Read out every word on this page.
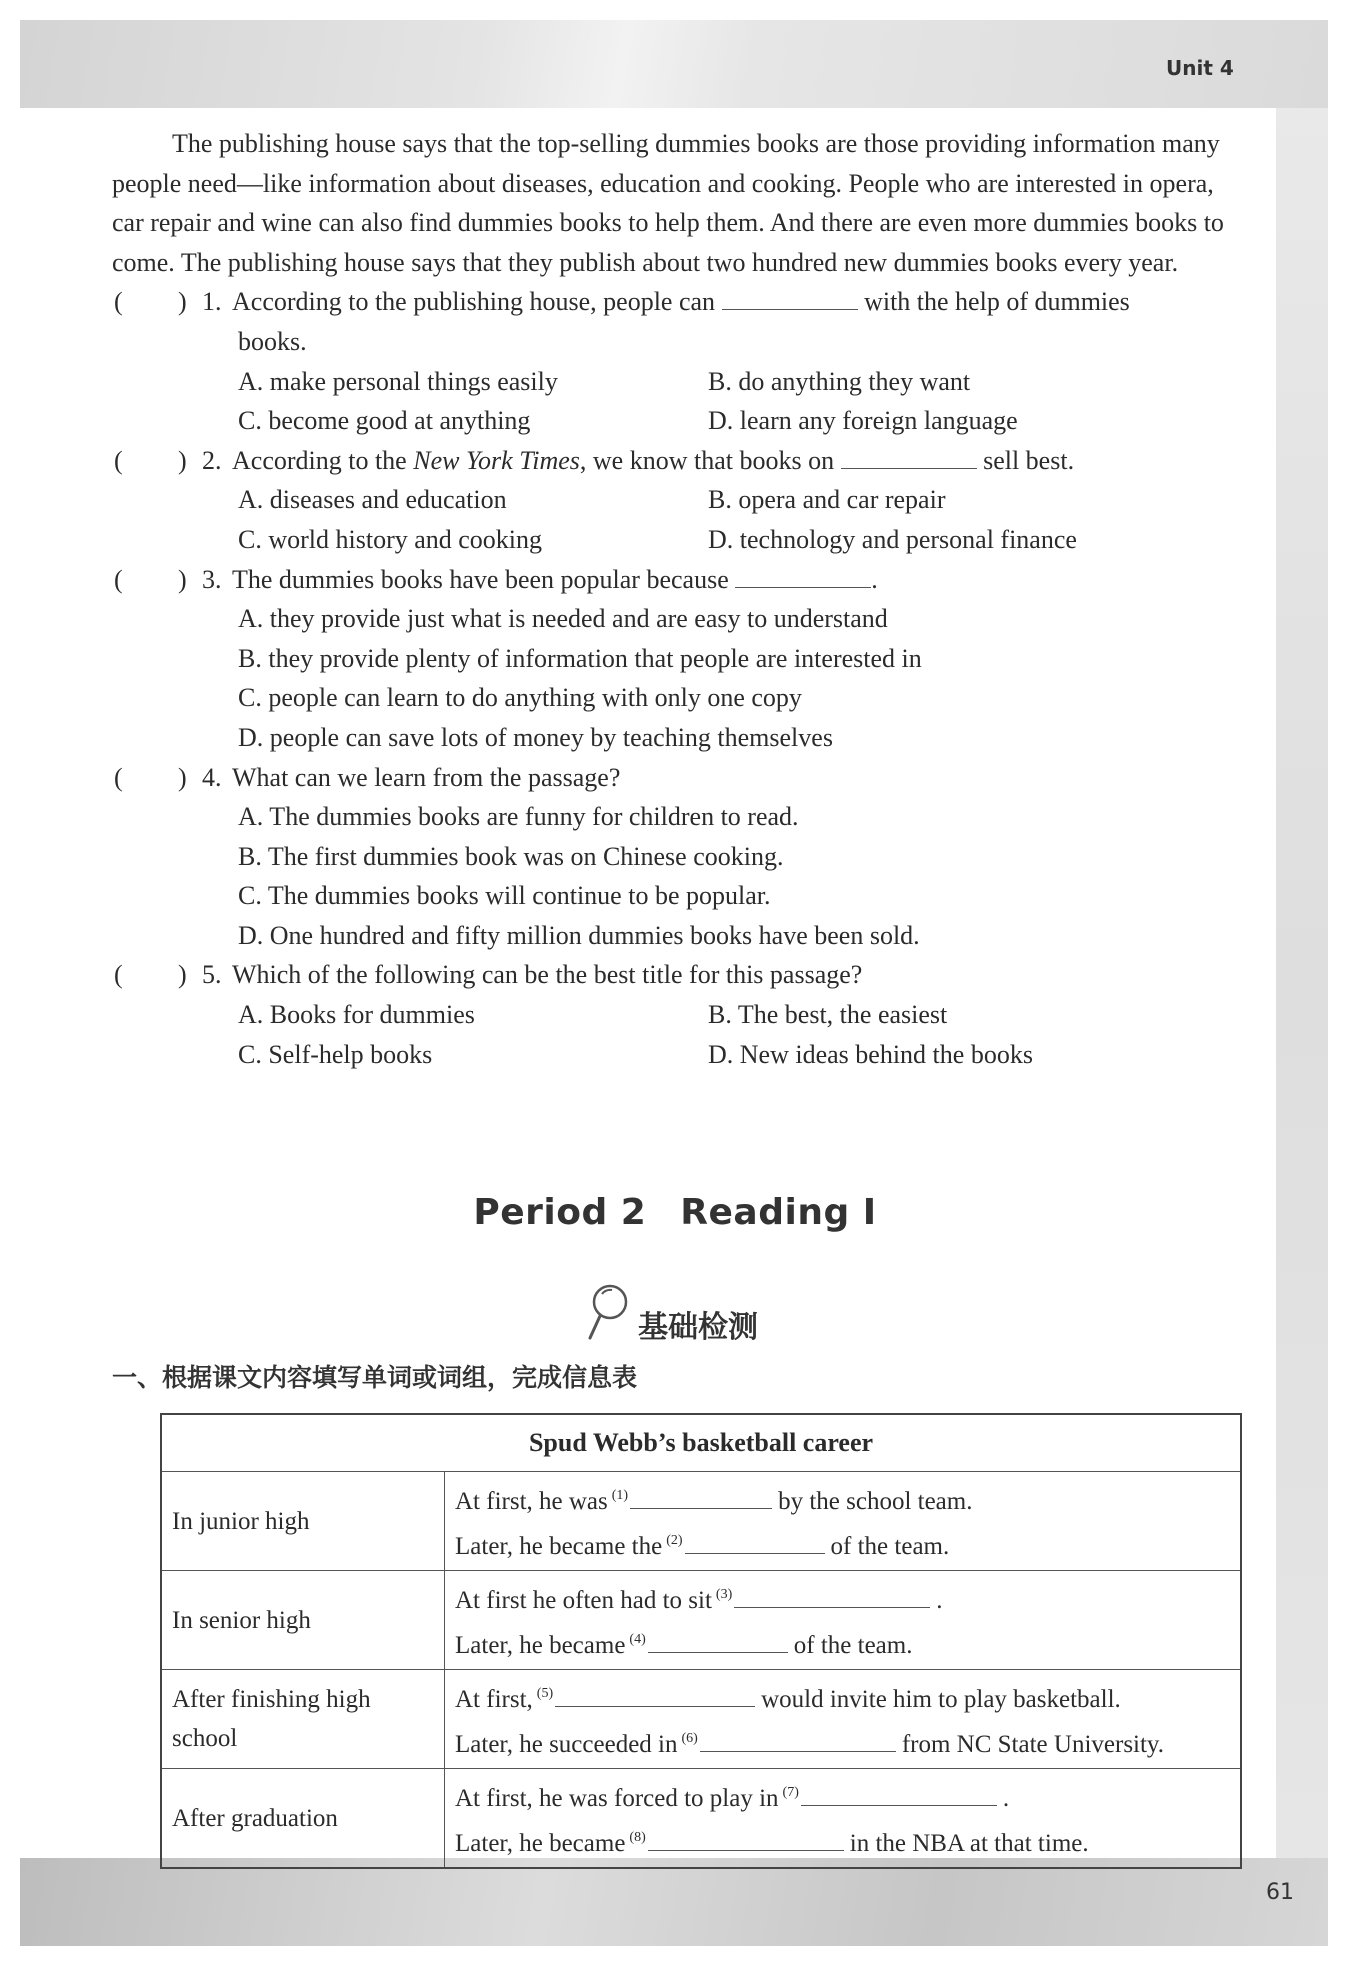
Unit 4

The publishing house says that the top-selling dummies books are those providing information many people need—like information about diseases, education and cooking. People who are interested in opera, car repair and wine can also find dummies books to help them. And there are even more dummies books to come. The publishing house says that they publish about two hundred new dummies books every year.

(	) 1. According to the publishing house, people can	with the help of dummies
books.
A. make personal things easily	B. do anything they want
C. become good at anything	D. learn any foreign language
(	) 2. According to the New York Times, we know that books on	sell best.
A. diseases and education	B. opera and car repair
C. world history and cooking	D. technology and personal finance
(	) 3. The dummies books have been popular because	.
A. they provide just what is needed and are easy to understand
B. they provide plenty of information that people are interested in
C. people can learn to do anything with only one copy
D. people can save lots of money by teaching themselves
(	) 4. What can we learn from the passage?
A. The dummies books are funny for children to read.
B. The first dummies book was on Chinese cooking.
C. The dummies books will continue to be popular.
D. One hundred and fifty million dummies books have been sold.
(	) 5. Which of the following can be the best title for this passage?
A. Books for dummies	B. The best, the easiest
C. Self-help books	D. New ideas behind the books
Period 2 Reading I
基础检测
一、根据课文内容填写单词或词组，完成信息表
Spud Webb’s basketball career	
In junior high	At first, he was $^{(1)}$ by the school team.
Later, he became the $^{(2)}$ of the team.

In senior high	At first he often had to sit $^{(3)}$ .
Later, he became $^{(4)}$ of the team.

After finishing high school	At first, $^{(5)}$ would invite him to play basketball.
Later, he succeeded in $^{(6)}$ from NC State University.

After graduation	At first, he was forced to play in $^{(7)}$ .
Later, he became $^{(8)}$ in the NBA at that time.
61
